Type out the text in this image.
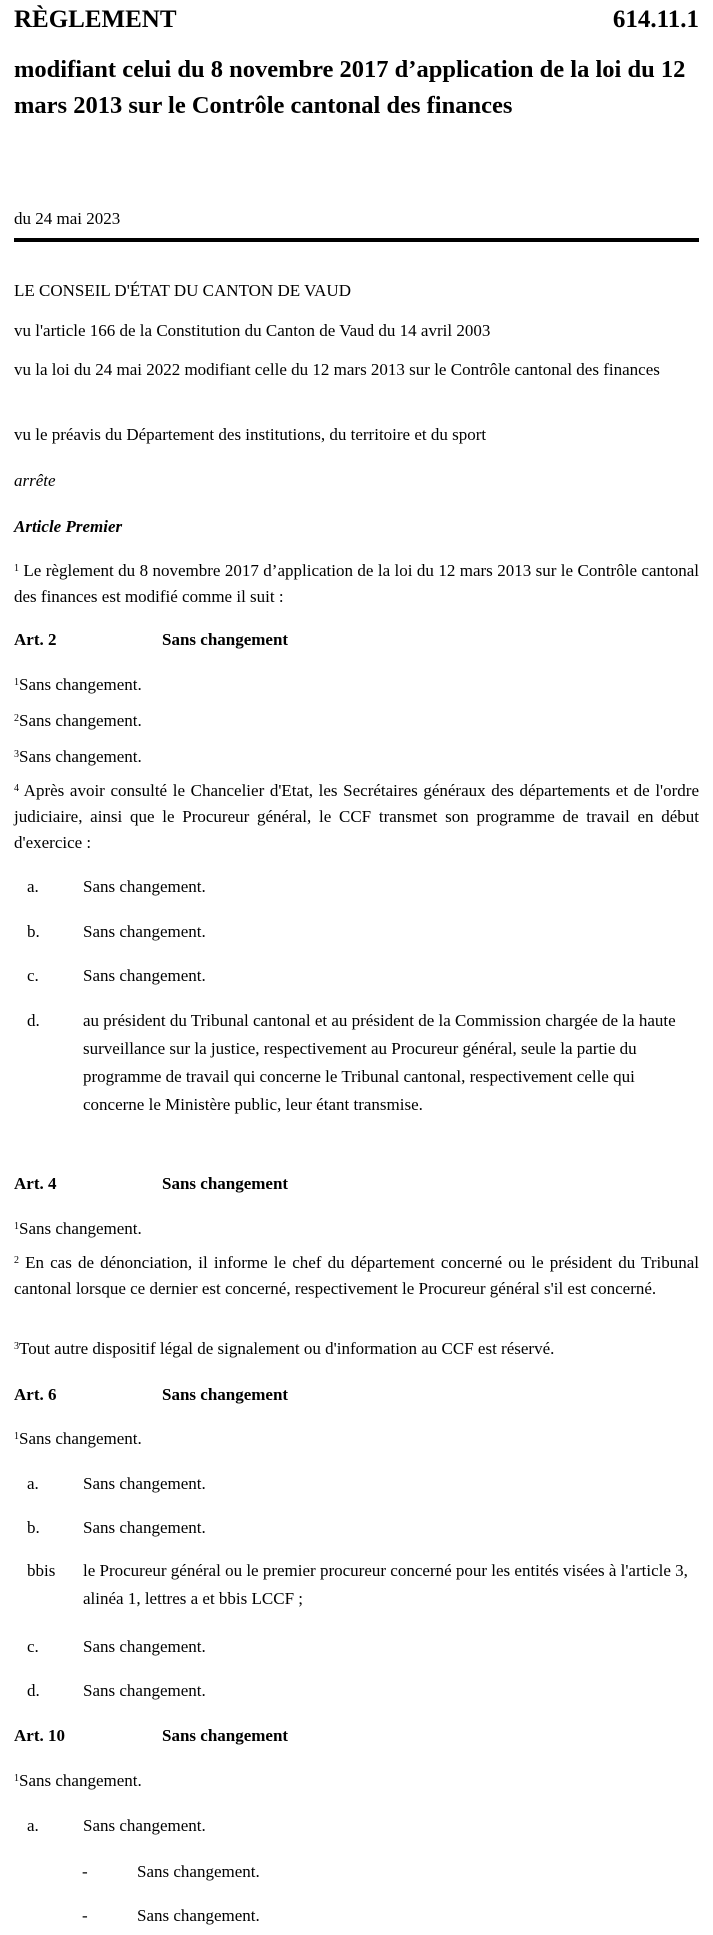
RÈGLEMENT	614.11.1

modifiant celui du 8 novembre 2017 d’application de la loi du 12 mars 2013 sur le Contrôle cantonal des finances

du 24 mai 2023

LE CONSEIL D'ÉTAT DU CANTON DE VAUD

vu l'article 166 de la Constitution du Canton de Vaud du 14 avril 2003

vu la loi du 24 mai 2022 modifiant celle du 12 mars 2013 sur le Contrôle cantonal des finances

vu le préavis du Département des institutions, du territoire et du sport

arrête

Article Premier

$^1$ Le règlement du 8 novembre 2017 d’application de la loi du 12 mars 2013 sur le Contrôle cantonal des finances est modifié comme il suit :

Art. 2	Sans changement

$^1$Sans changement.

$^2$Sans changement.

$^3$Sans changement.

$^4$ Après avoir consulté le Chancelier d'Etat, les Secrétaires généraux des départements et de l'ordre judiciaire, ainsi que le Procureur général, le CCF transmet son programme de travail en début d'exercice :

a.	Sans changement.
b.	Sans changement.
c.	Sans changement.
d.	au président du Tribunal cantonal et au président de la Commission chargée de la haute surveillance sur la justice, respectivement au Procureur général, seule la partie du programme de travail qui concerne le Tribunal cantonal, respectivement celle qui concerne le Ministère public, leur étant transmise.
Art. 4	Sans changement

$^1$Sans changement.

$^2$ En cas de dénonciation, il informe le chef du département concerné ou le président du Tribunal cantonal lorsque ce dernier est concerné, respectivement le Procureur général s'il est concerné.

$^3$Tout autre dispositif légal de signalement ou d'information au CCF est réservé.

Art. 6	Sans changement

$^1$Sans changement.

a.	Sans changement.
b.	Sans changement.
bbis le Procureur général ou le premier procureur concerné pour les entités visées à l'article 3, alinéa 1, lettres a et bbis LCCF ;
c.	Sans changement.
d.	Sans changement.
Art. 10	Sans changement

$^1$Sans changement.

a.	Sans changement.
-	Sans changement.
-	Sans changement.
